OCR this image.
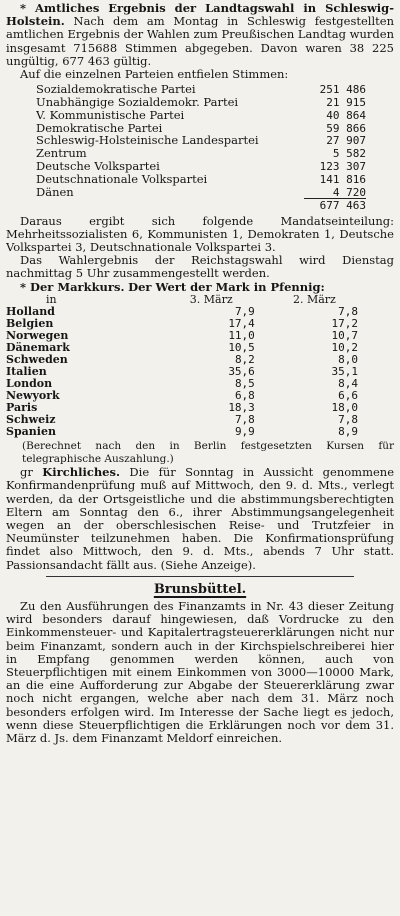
* Amtliches Ergebnis der Landtagswahl in Schleswig-Holstein. Nach dem am Montag in Schleswig festgestellten amtlichen Ergebnis der Wahlen zum Preußischen Landtag wurden insgesamt 715688 Stimmen abgegeben. Davon waren 38 225 ungültig, 677 463 gültig.

Auf die einzelnen Parteien entfielen Stimmen:

Sozialdemokratische Partei	251 486
Unabhängige Sozialdemokr. Partei	21 915
V. Kommunistische Partei	40 864
Demokratische Partei	59 866
Schleswig-Holsteinische Landespartei	27 907
Zentrum	5 582
Deutsche Volkspartei	123 307
Deutschnationale Volkspartei	141 816
Dänen	4 720
677 463

Daraus ergibt sich folgende Mandatseinteilung: Mehrheitssozialisten 6, Kommunisten 1, Demokraten 1, Deutsche Volkspartei 3, Deutschnationale Volkspartei 3.

Das Wahlergebnis der Reichstagswahl wird Dienstag nachmittag 5 Uhr zusammengestellt werden.

* Der Markkurs. Der Wert der Mark in Pfennig:

in	3. März	2. März
Holland	7,9	7,8
Belgien	17,4	17,2
Norwegen	11,0	10,7
Dänemark	10,5	10,2
Schweden	8,2	8,0
Italien	35,6	35,1
London	8,5	8,4
Newyork	6,8	6,6
Paris	18,3	18,0
Schweiz	7,8	7,8
Spanien	9,9	8,9

(Berechnet nach den in Berlin festgesetzten Kursen für telegraphische Auszahlung.)

gr Kirchliches. Die für Sonntag in Aussicht genommene Konfirmandenprüfung muß auf Mittwoch, den 9. d. Mts., verlegt werden, da der Ortsgeistliche und die abstimmungsberechtigten Eltern am Sonntag den 6., ihrer Abstimmungsangelegenheit wegen an der oberschlesischen Reise- und Trutzfeier in Neumünster teilzunehmen haben. Die Konfirmationsprüfung findet also Mittwoch, den 9. d. Mts., abends 7 Uhr statt. Passionsandacht fällt aus. (Siehe Anzeige).

Brunsbüttel.

Zu den Ausführungen des Finanzamts in Nr. 43 dieser Zeitung wird besonders darauf hingewiesen, daß Vordrucke zu den Einkommensteuer- und Kapitalertragsteuererklärungen nicht nur beim Finanzamt, sondern auch in der Kirchspielschreiberei hier in Empfang genommen werden können, auch von Steuerpflichtigen mit einem Einkommen von 3000—10000 Mark, an die eine Aufforderung zur Abgabe der Steuererklärung zwar noch nicht ergangen, welche aber nach dem 31. März noch besonders erfolgen wird. Im Interesse der Sache liegt es jedoch, wenn diese Steuerpflichtigen die Erklärungen noch vor dem 31. März d. Js. dem Finanzamt Meldorf einreichen.
